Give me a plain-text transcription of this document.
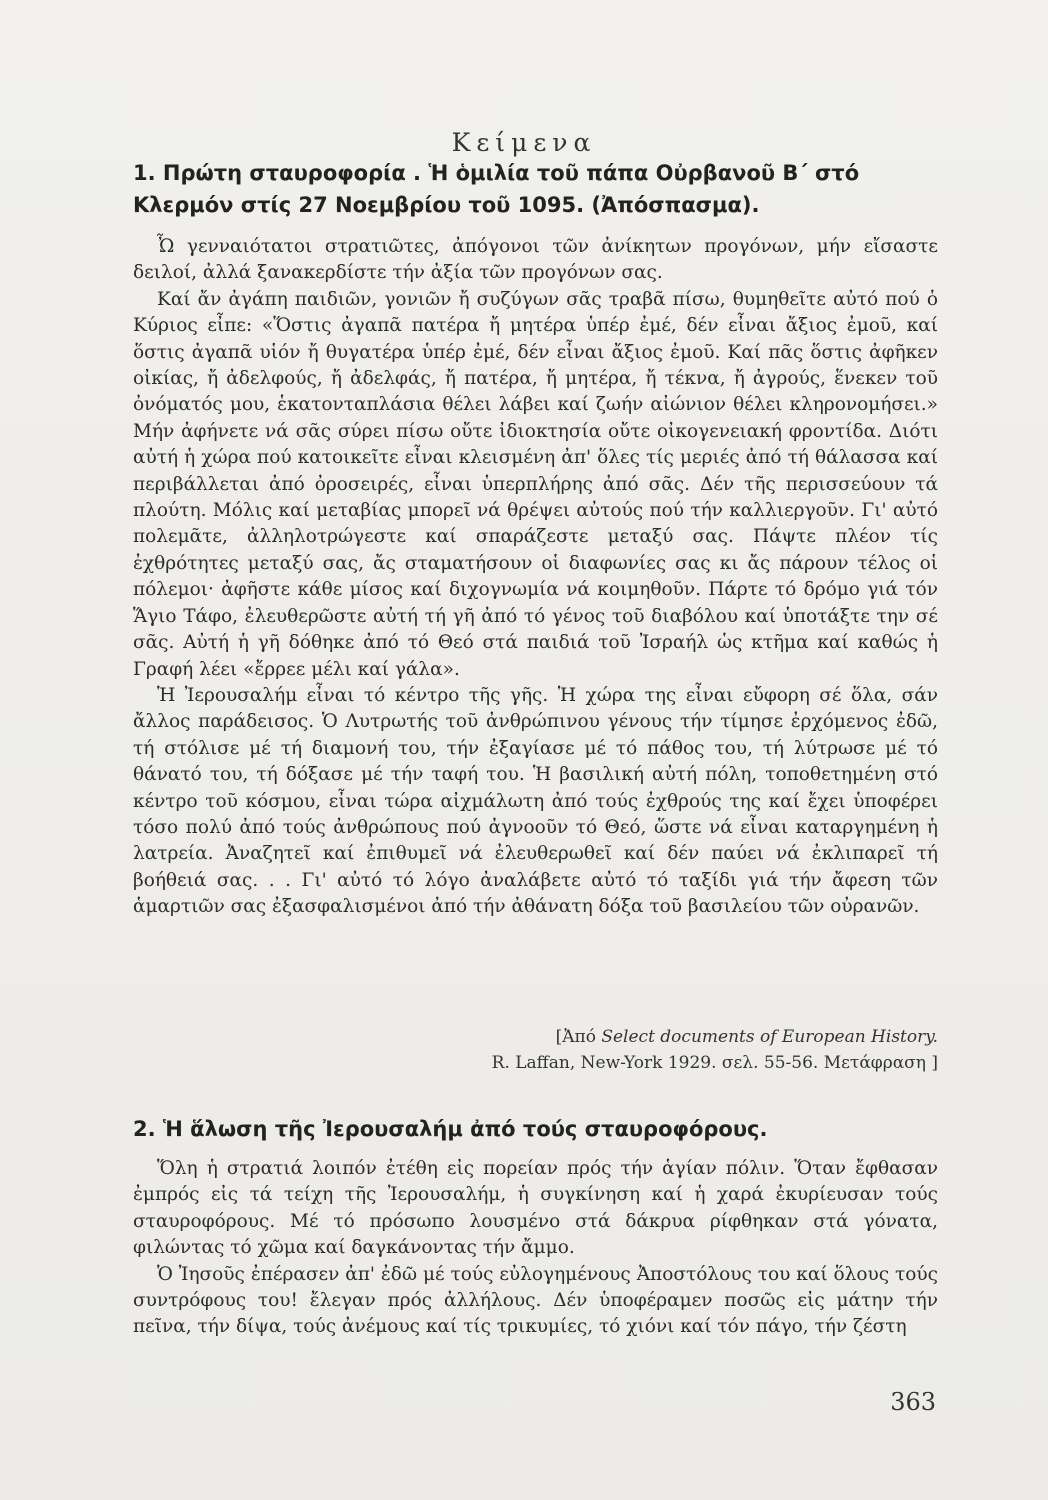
Κείμενα
1. Πρώτη σταυροφορία . Ἡ ὁμιλία τοῦ πάπα Οὐρβανοῦ Β΄ στό Κλερμόν στίς 27 Νοεμβρίου τοῦ 1095. (Ἀπόσπασμα).

Ὦ γενναιότατοι στρατιῶτες, ἀπόγονοι τῶν ἀνίκητων προγόνων, μήν εἴσαστε δειλοί, ἀλλά ξανακερδίστε τήν ἀξία τῶν προγόνων σας.

Καί ἄν ἀγάπη παιδιῶν, γονιῶν ἤ συζύγων σᾶς τραβᾶ πίσω, θυμηθεῖτε αὐτό πού ὁ Κύριος εἶπε: «Ὅστις ἀγαπᾶ πατέρα ἤ μητέρα ὑπέρ ἐμέ, δέν εἶναι ἄξιος ἐμοῦ, καί ὅστις ἀγαπᾶ υἱόν ἤ θυγατέρα ὑπέρ ἐμέ, δέν εἶναι ἄξιος ἐμοῦ. Καί πᾶς ὅστις ἀφῆκεν οἰκίας, ἤ ἀδελφούς, ἤ ἀδελφάς, ἤ πατέρα, ἤ μητέρα, ἤ τέκνα, ἤ ἀγρούς, ἕνεκεν τοῦ ὀνόματός μου, ἑκατονταπλάσια θέλει λάβει καί ζωήν αἰώνιον θέλει κληρονομήσει.» Μήν ἀφήνετε νά σᾶς σύρει πίσω οὔτε ἰδιοκτησία οὔτε οἰκογενειακή φροντίδα. Διότι αὐτή ἡ χώρα πού κατοικεῖτε εἶναι κλεισμένη ἀπ' ὅλες τίς μεριές ἀπό τή θάλασσα καί περιβάλλεται ἀπό ὀροσειρές, εἶναι ὑπερπλήρης ἀπό σᾶς. Δέν τῆς περισσεύουν τά πλούτη. Μόλις καί μεταβίας μπορεῖ νά θρέψει αὐτούς πού τήν καλλιεργοῦν. Γι' αὐτό πολεμᾶτε, ἀλληλοτρώγεστε καί σπαράζεστε μεταξύ σας. Πάψτε πλέον τίς ἐχθρότητες μεταξύ σας, ἄς σταματήσουν οἱ διαφωνίες σας κι ἄς πάρουν τέλος οἱ πόλεμοι· ἀφῆστε κάθε μίσος καί διχογνωμία νά κοιμηθοῦν. Πάρτε τό δρόμο γιά τόν Ἅγιο Τάφο, ἐλευθερῶστε αὐτή τή γῆ ἀπό τό γένος τοῦ διαβόλου καί ὑποτάξτε την σέ σᾶς. Αὐτή ἡ γῆ δόθηκε ἀπό τό Θεό στά παιδιά τοῦ Ἰσραήλ ὡς κτῆμα καί καθώς ἡ Γραφή λέει «ἔρρεε μέλι καί γάλα».

Ἡ Ἰερουσαλήμ εἶναι τό κέντρο τῆς γῆς. Ἡ χώρα της εἶναι εὔφορη σέ ὅλα, σάν ἄλλος παράδεισος. Ὁ Λυτρωτής τοῦ ἀνθρώπινου γένους τήν τίμησε ἐρχόμενος ἐδῶ, τή στόλισε μέ τή διαμονή του, τήν ἐξαγίασε μέ τό πάθος του, τή λύτρωσε μέ τό θάνατό του, τή δόξασε μέ τήν ταφή του. Ἡ βασιλική αὐτή πόλη, τοποθετημένη στό κέντρο τοῦ κόσμου, εἶναι τώρα αἰχμάλωτη ἀπό τούς ἐχθρούς της καί ἔχει ὑποφέρει τόσο πολύ ἀπό τούς ἀνθρώπους πού ἀγνοοῦν τό Θεό, ὥστε νά εἶναι καταργημένη ἡ λατρεία. Ἀναζητεῖ καί ἐπιθυμεῖ νά ἐλευθερωθεῖ καί δέν παύει νά ἐκλιπαρεῖ τή βοήθειά σας. . . Γι' αὐτό τό λόγο ἀναλάβετε αὐτό τό ταξίδι γιά τήν ἄφεση τῶν ἁμαρτιῶν σας ἐξασφαλισμένοι ἀπό τήν ἀθάνατη δόξα τοῦ βασιλείου τῶν οὐρανῶν.

[Ἀπό Select documents of European History.
R. Laffan, New-York 1929. σελ. 55-56. Μετάφραση ]
2. Ἡ ἅλωση τῆς Ἰερουσαλήμ ἀπό τούς σταυροφόρους.

Ὅλη ἡ στρατιά λοιπόν ἐτέθη εἰς πορείαν πρός τήν ἁγίαν πόλιν. Ὅταν ἔφθασαν ἐμπρός εἰς τά τείχη τῆς Ἰερουσαλήμ, ἡ συγκίνηση καί ἡ χαρά ἐκυρίευσαν τούς σταυροφόρους. Μέ τό πρόσωπο λουσμένο στά δάκρυα ρίφθηκαν στά γόνατα, φιλώντας τό χῶμα καί δαγκάνοντας τήν ἄμμο.

Ὁ Ἰησοῦς ἐπέρασεν ἀπ' ἐδῶ μέ τούς εὐλογημένους Ἀποστόλους του καί ὅλους τούς συντρόφους του! ἔλεγαν πρός ἀλλήλους. Δέν ὑποφέραμεν ποσῶς εἰς μάτην τήν πεῖνα, τήν δίψα, τούς ἀνέμους καί τίς τρικυμίες, τό χιόνι καί τόν πάγο, τήν ζέστη

363
